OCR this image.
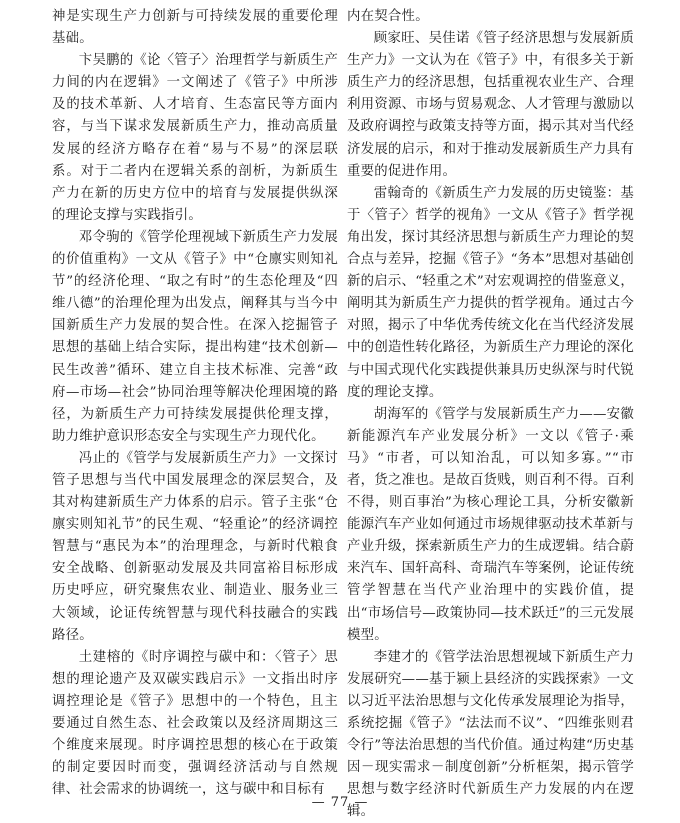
神是实现生产力创新与可持续发展的重要伦理基础。

卞吴鹏的《论〈管子〉治理哲学与新质生产力间的内在逻辑》一文阐述了《管子》中所涉及的技术革新、人才培育、生态富民等方面内容，与当下谋求发展新质生产力，推动高质量发展的经济方略存在着“易与不易”的深层联系。对于二者内在逻辑关系的剖析，为新质生产力在新的历史方位中的培育与发展提供纵深的理论支撑与实践指引。

邓令驹的《管学伦理视域下新质生产力发展的价值重构》一文从《管子》中“仓廪实则知礼节”的经济伦理、“取之有时”的生态伦理及“四维八德”的治理伦理为出发点，阐释其与当今中国新质生产力发展的契合性。在深入挖掘管子思想的基础上结合实际，提出构建“技术创新—民生改善”循环、建立自主技术标准、完善“政府—市场—社会”协同治理等解决伦理困境的路径，为新质生产力可持续发展提供伦理支撑，助力维护意识形态安全与实现生产力现代化。

冯止的《管学与发展新质生产力》一文探讨管子思想与当代中国发展理念的深层契合，及其对构建新质生产力体系的启示。管子主张“仓廪实则知礼节”的民生观、“轻重论”的经济调控智慧与“惠民为本”的治理理念，与新时代粮食安全战略、创新驱动发展及共同富裕目标形成历史呼应，研究聚焦农业、制造业、服务业三大领域，论证传统智慧与现代科技融合的实践路径。

土建榕的《时序调控与碳中和：〈管子〉思想的理论遗产及双碳实践启示》一文指出时序调控理论是《管子》思想中的一个特色，且主要通过自然生态、社会政策以及经济周期这三个维度来展现。时序调控思想的核心在于政策的制定要因时而变，强调经济活动与自然规律、社会需求的协调统一，这与碳中和目标有

内在契合性。

顾家旺、吴佳诺《管子经济思想与发展新质生产力》一文认为在《管子》中，有很多关于新质生产力的经济思想，包括重视农业生产、合理利用资源、市场与贸易观念、人才管理与激励以及政府调控与政策支持等方面，揭示其对当代经济发展的启示，和对于推动发展新质生产力具有重要的促进作用。

雷翰奇的《新质生产力发展的历史镜鉴：基于〈管子〉哲学的视角》一文从《管子》哲学视角出发，探讨其经济思想与新质生产力理论的契合点与差异，挖掘《管子》“务本”思想对基础创新的启示、“轻重之术”对宏观调控的借鉴意义，阐明其为新质生产力提供的哲学视角。通过古今对照，揭示了中华优秀传统文化在当代经济发展中的创造性转化路径，为新质生产力理论的深化与中国式现代化实践提供兼具历史纵深与时代锐度的理论支撑。

胡海军的《管学与发展新质生产力——安徽新能源汽车产业发展分析》一文以《管子·乘马》“市者，可以知治乱，可以知多寡。”“市者，货之准也。是故百货贱，则百利不得。百利不得，则百事治”为核心理论工具，分析安徽新能源汽车产业如何通过市场规律驱动技术革新与产业升级，探索新质生产力的生成逻辑。结合蔚来汽车、国轩高科、奇瑞汽车等案例，论证传统管学智慧在当代产业治理中的实践价值，提出“市场信号—政策协同—技术跃迁”的三元发展模型。

李建才的《管学法治思想视域下新质生产力发展研究——基于颍上县经济的实践探索》一文以习近平法治思想与文化传承发展理论为指导，系统挖掘《管子》“法法而不议”、“四维张则君令行”等法治思想的当代价值。通过构建“历史基因－现实需求－制度创新”分析框架，揭示管学思想与数字经济时代新质生产力发展的内在逻辑。

— 77 —
